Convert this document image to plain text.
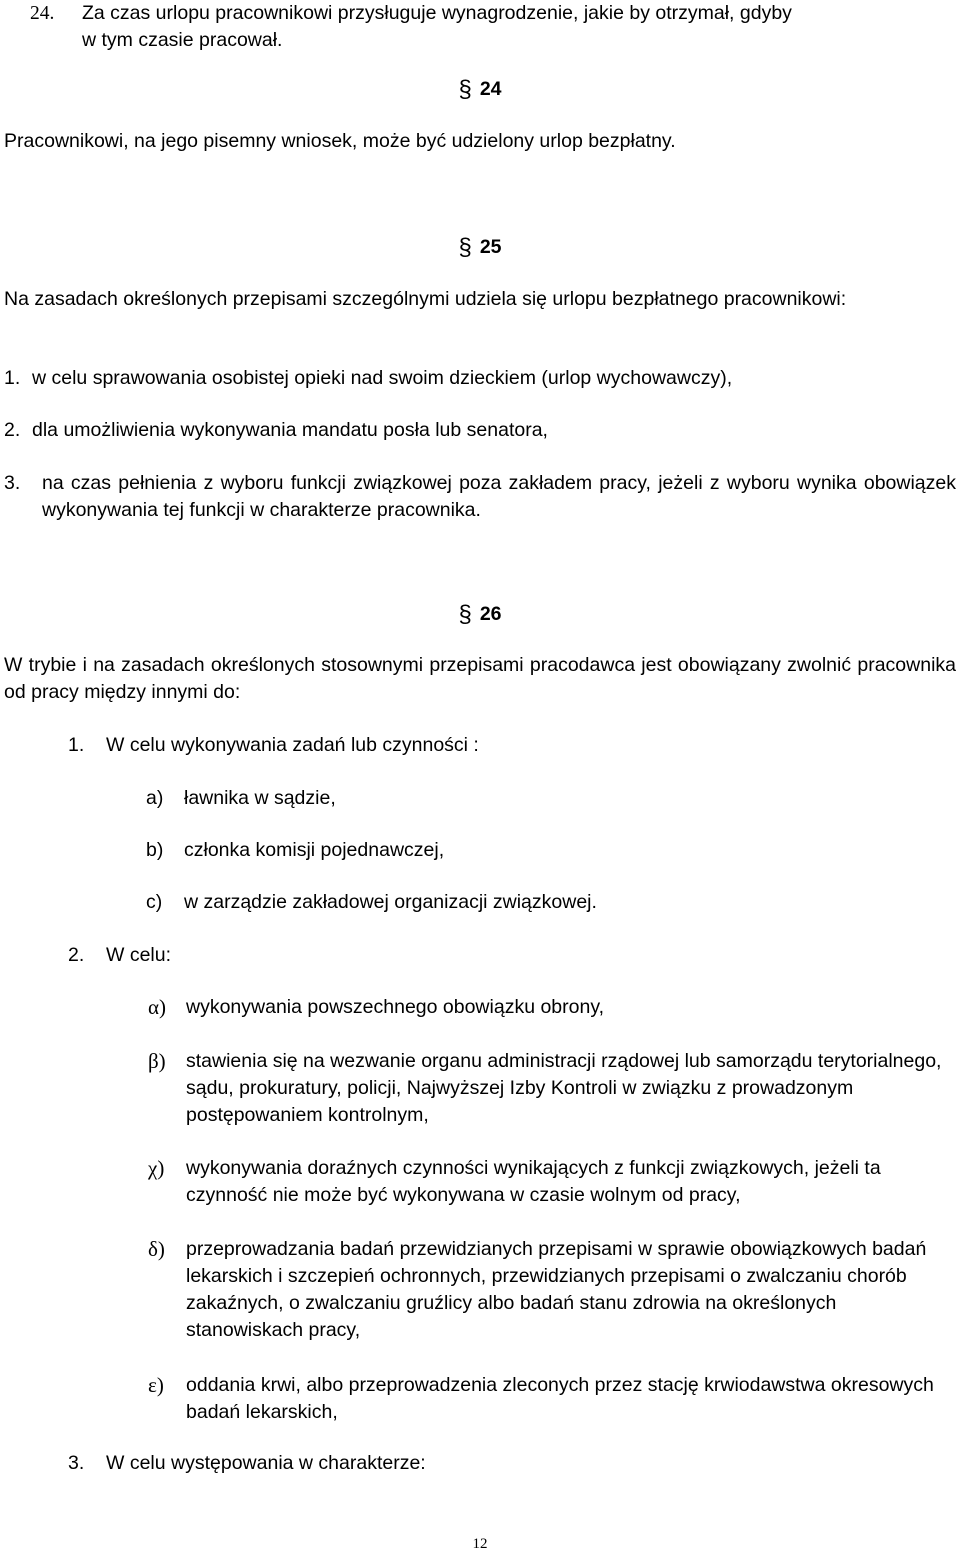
24.	Za czas urlopu pracownikowi przysługuje wynagrodzenie, jakie by otrzymał, gdyby
w tym czasie pracował.
§24

Pracownikowi, na jego pisemny wniosek, może być udzielony urlop bezpłatny.

§25

Na zasadach określonych przepisami szczególnymi udziela się urlopu bezpłatnego pracownikowi:

1. w celu sprawowania osobistej opieki nad swoim dzieckiem (urlop wychowawczy),
2. dla umożliwienia wykonywania mandatu posła lub senatora,
3.	na czas pełnienia z wyboru funkcji związkowej poza zakładem pracy, jeżeli z wyboru wynika obowiązek wykonywania tej funkcji w charakterze pracownika.
§26

W trybie i na zasadach określonych stosownymi przepisami pracodawca jest obowiązany zwolnić pracownika od pracy między innymi do:

1.	W celu wykonywania zadań lub czynności :
a)	ławnika w sądzie,
b)	członka komisji pojednawczej,
c)	w zarządzie zakładowej organizacji związkowej.
2.	W celu:
α)	wykonywania powszechnego obowiązku obrony,
β)	stawienia się na wezwanie organu administracji rządowej lub samorządu terytorialnego, sądu, prokuratury, policji, Najwyższej Izby Kontroli w związku z prowadzonym postępowaniem kontrolnym,
χ)	wykonywania doraźnych czynności wynikających z funkcji związkowych, jeżeli ta czynność nie może być wykonywana w czasie wolnym od pracy,
δ)	przeprowadzania badań przewidzianych przepisami w sprawie obowiązkowych badań lekarskich i szczepień ochronnych, przewidzianych przepisami o zwalczaniu chorób zakaźnych, o zwalczaniu gruźlicy albo badań stanu zdrowia na określonych stanowiskach pracy,
ε)	oddania krwi, albo przeprowadzenia zleconych przez stację krwiodawstwa okresowych badań lekarskich,
3.	W celu występowania w charakterze:
12
